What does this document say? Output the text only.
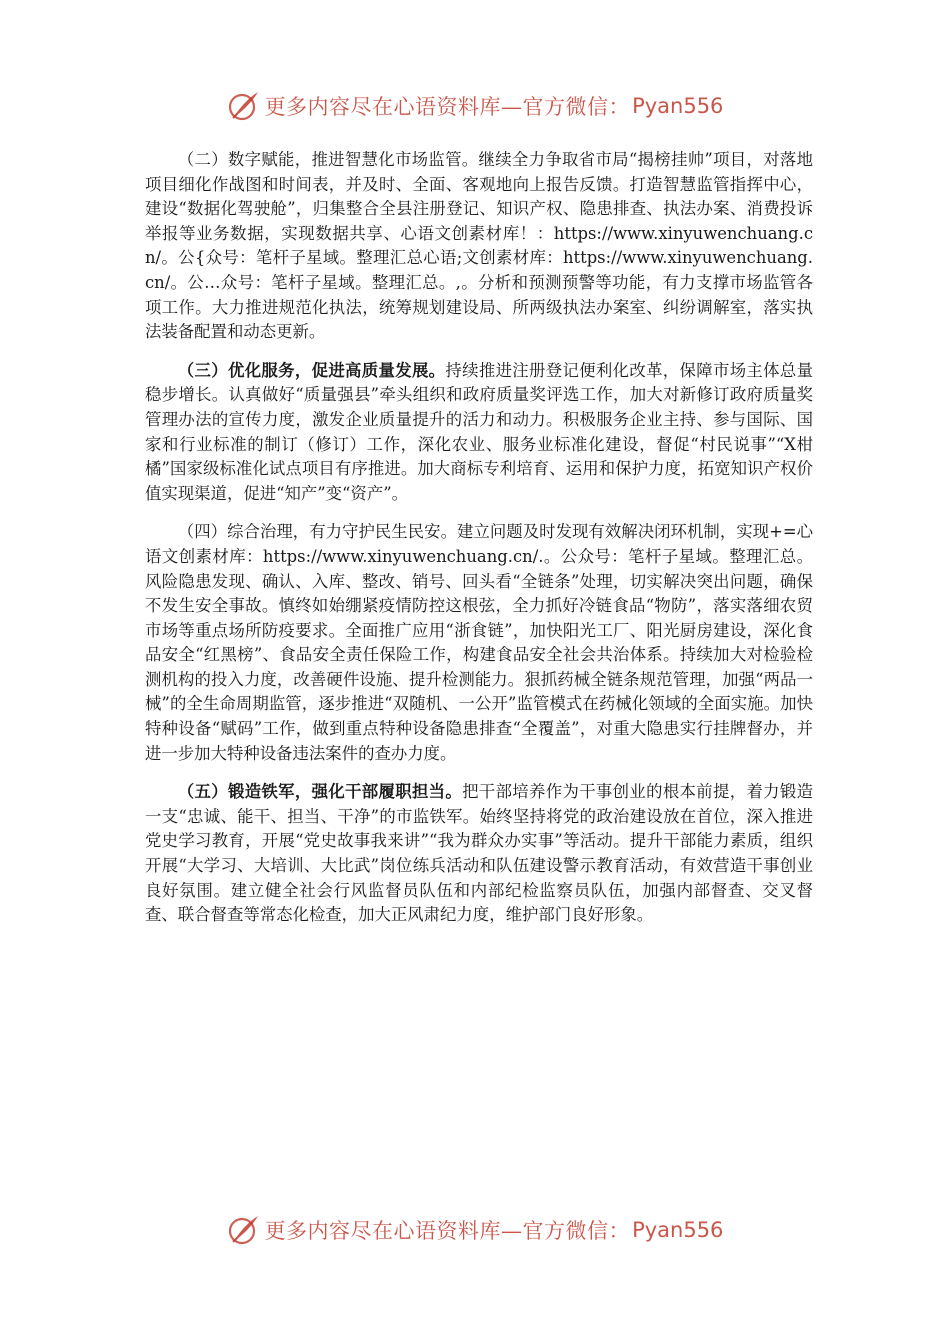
更多内容尽在心语资料库—官方微信： Pyan556

（二）数字赋能，推进智慧化市场监管。继续全力争取省市局“揭榜挂帅”项目，对落地项目细化作战图和时间表，并及时、全面、客观地向上报告反馈。打造智慧监管指挥中心，建设“数据化驾驶舱”，归集整合全县注册登记、知识产权、隐患排查、执法办案、消费投诉举报等业务数据，实现数据共享、心语文创素材库！：https://www.xinyuwenchuang.cn/。公{众号：笔杆子星域。整理汇总心语;文创素材库：https://www.xinyuwenchuang.cn/。公…众号：笔杆子星域。整理汇总。,。分析和预测预警等功能，有力支撑市场监管各项工作。大力推进规范化执法，统筹规划建设局、所两级执法办案室、纠纷调解室，落实执法装备配置和动态更新。

（三）优化服务，促进高质量发展。持续推进注册登记便利化改革，保障市场主体总量稳步增长。认真做好“质量强县”牵头组织和政府质量奖评选工作，加大对新修订政府质量奖管理办法的宣传力度，激发企业质量提升的活力和动力。积极服务企业主持、参与国际、国家和行业标准的制订（修订）工作，深化农业、服务业标准化建设，督促“村民说事”“X柑橘”国家级标准化试点项目有序推进。加大商标专利培育、运用和保护力度，拓宽知识产权价值实现渠道，促进“知产”变“资产”。

（四）综合治理，有力守护民生民安。建立问题及时发现有效解决闭环机制，实现+=心语文创素材库：https://www.xinyuwenchuang.cn/.。公众号：笔杆子星域。整理汇总。风险隐患发现、确认、入库、整改、销号、回头看“全链条”处理，切实解决突出问题，确保不发生安全事故。慎终如始绷紧疫情防控这根弦，全力抓好冷链食品“物防”，落实落细农贸市场等重点场所防疫要求。全面推广应用“浙食链”，加快阳光工厂、阳光厨房建设，深化食品安全“红黑榜”、食品安全责任保险工作，构建食品安全社会共治体系。持续加大对检验检测机构的投入力度，改善硬件设施、提升检测能力。狠抓药械全链条规范管理，加强“两品一械”的全生命周期监管，逐步推进“双随机、一公开”监管模式在药械化领域的全面实施。加快特种设备“赋码”工作，做到重点特种设备隐患排查“全覆盖”，对重大隐患实行挂牌督办，并进一步加大特种设备违法案件的查办力度。

（五）锻造铁军，强化干部履职担当。把干部培养作为干事创业的根本前提，着力锻造一支“忠诚、能干、担当、干净”的市监铁军。始终坚持将党的政治建设放在首位，深入推进党史学习教育，开展“党史故事我来讲”“我为群众办实事”等活动。提升干部能力素质，组织开展“大学习、大培训、大比武”岗位练兵活动和队伍建设警示教育活动，有效营造干事创业良好氛围。建立健全社会行风监督员队伍和内部纪检监察员队伍，加强内部督查、交叉督查、联合督查等常态化检查，加大正风肃纪力度，维护部门良好形象。

更多内容尽在心语资料库—官方微信： Pyan556
